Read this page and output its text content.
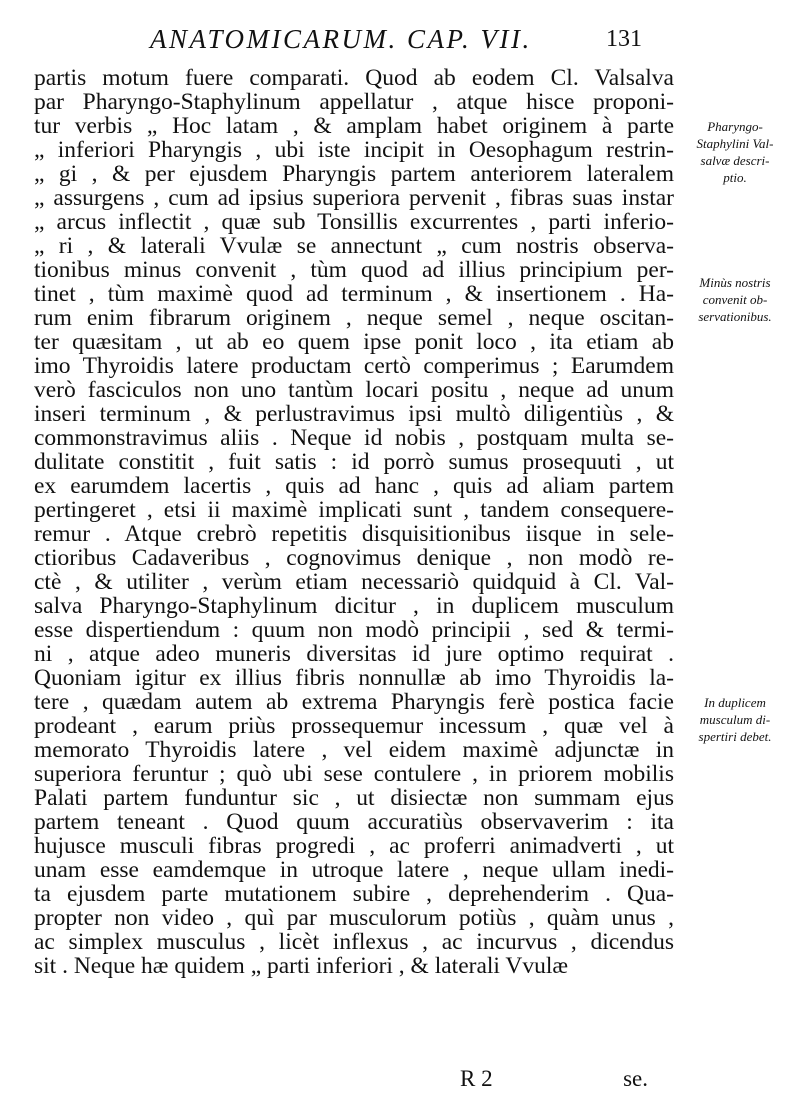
ANATOMICARUM. CAP. VII.	131
partis motum fuere comparati. Quod ab eodem Cl. Valsalva
par Pharyngo-Staphylinum appellatur , atque hisce proponi-
tur verbis „ Hoc latam , & amplam habet originem à parte
„ inferiori Pharyngis , ubi iste incipit in Oesophagum restrin-
„ gi , & per ejusdem Pharyngis partem anteriorem lateralem
„ assurgens , cum ad ipsius superiora pervenit , fibras suas instar
„ arcus inflectit , quæ sub Tonsillis excurrentes , parti inferio-
„ ri , & laterali Vvulæ se annectunt „ cum nostris observa-
tionibus minus convenit , tùm quod ad illius principium per-
tinet , tùm maximè quod ad terminum , & insertionem . Ha-
rum enim fibrarum originem , neque semel , neque oscitan-
ter quæsitam , ut ab eo quem ipse ponit loco , ita etiam ab
imo Thyroidis latere productam certò comperimus ; Earumdem
verò fasciculos non uno tantùm locari positu , neque ad unum
inseri terminum , & perlustravimus ipsi multò diligentiùs , &
commonstravimus aliis . Neque id nobis , postquam multa se-
dulitate constitit , fuit satis : id porrò sumus prosequuti , ut
ex earumdem lacertis , quis ad hanc , quis ad aliam partem
pertingeret , etsi ii maximè implicati sunt , tandem consequere-
remur . Atque crebrò repetitis disquisitionibus iisque in sele-
ctioribus Cadaveribus , cognovimus denique , non modò re-
ctè , & utiliter , verùm etiam necessariò quidquid à Cl. Val-
salva Pharyngo-Staphylinum dicitur , in duplicem musculum
esse dispertiendum : quum non modò principii , sed & termi-
ni , atque adeo muneris diversitas id jure optimo requirat .
Quoniam igitur ex illius fibris nonnullæ ab imo Thyroidis la-
tere , quædam autem ab extrema Pharyngis ferè postica facie
prodeant , earum priùs prossequemur incessum , quæ vel à
memorato Thyroidis latere , vel eidem maximè adjunctæ in
superiora feruntur ; quò ubi sese contulere , in priorem mobilis
Palati partem funduntur sic , ut disiectæ non summam ejus
partem teneant . Quod quum accuratiùs observaverim : ita
hujusce musculi fibras progredi , ac proferri animadverti , ut
unam esse eamdemque in utroque latere , neque ullam inedi-
ta ejusdem parte mutationem subire , deprehenderim . Qua-
propter non video , quì par musculorum potiùs , quàm unus ,
ac simplex musculus , licèt inflexus , ac incurvus , dicendus
sit . Neque hæ quidem „ parti inferiori , & laterali Vvulæ
Pharyngo-
Staphylini Val-
salvæ descri-
ptio.
Minùs nostris
convenit ob-
servationibus.
In duplicem
musculum di-
spertiri debet.
R 2	se.
